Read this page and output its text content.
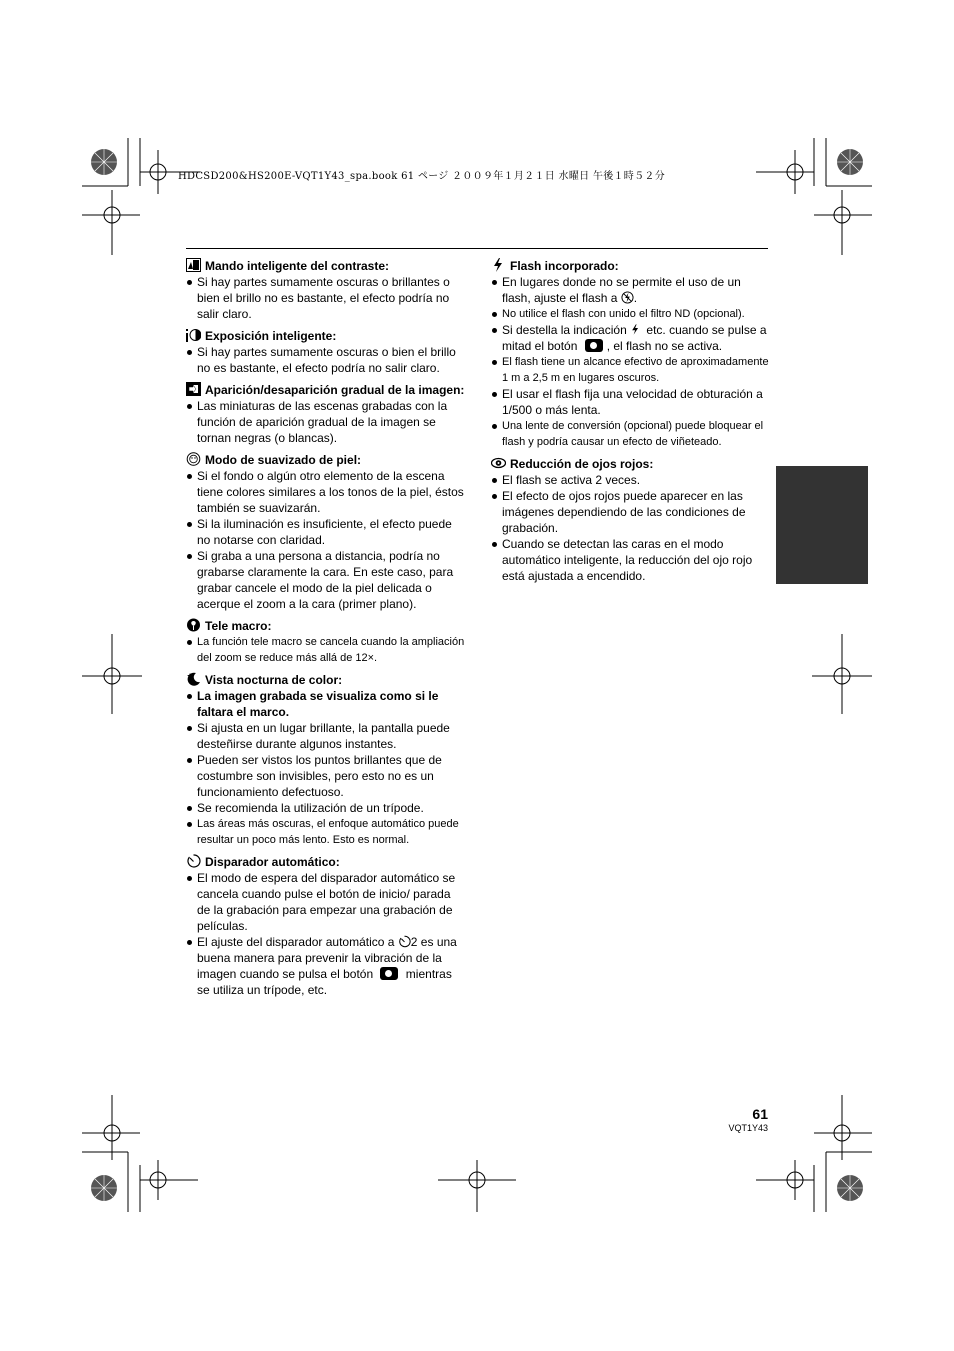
HDCSD200&HS200E-VQT1Y43_spa.book 61 ページ ２００９年１月２１日 水曜日 午後１時５２分
Mando inteligente del contraste:
Si hay partes sumamente oscuras o brillantes o bien el brillo no es bastante, el efecto podría no salir claro.
Exposición inteligente:
Si hay partes sumamente oscuras o bien el brillo no es bastante, el efecto podría no salir claro.
Aparición/desaparición gradual de la imagen:
Las miniaturas de las escenas grabadas con la función de aparición gradual de la imagen se tornan negras (o blancas).
Modo de suavizado de piel:
Si el fondo o algún otro elemento de la escena tiene colores similares a los tonos de la piel, éstos también se suavizarán.
Si la iluminación es insuficiente, el efecto puede no notarse con claridad.
Si graba a una persona a distancia, podría no grabarse claramente la cara. En este caso, para grabar cancele el modo de la piel delicada o acerque el zoom a la cara (primer plano).
Tele macro:
La función tele macro se cancela cuando la ampliación del zoom se reduce más allá de 12×.
Vista nocturna de color:
La imagen grabada se visualiza como si le faltara el marco.
Si ajusta en un lugar brillante, la pantalla puede desteñirse durante algunos instantes.
Pueden ser vistos los puntos brillantes que de costumbre son invisibles, pero esto no es un funcionamiento defectuoso.
Se recomienda la utilización de un trípode.
Las áreas más oscuras, el enfoque automático puede resultar un poco más lento. Esto es normal.
Disparador automático:
El modo de espera del disparador automático se cancela cuando pulse el botón de inicio/ parada de la grabación para empezar una grabación de películas.
El ajuste del disparador automático a 2 es una buena manera para prevenir la vibración de la imagen cuando se pulsa el botón  mientras se utiliza un trípode, etc.
Flash incorporado:
En lugares donde no se permite el uso de un flash, ajuste el flash a .
No utilice el flash con unido el filtro ND (opcional).
Si destella la indicación  etc. cuando se pulse a mitad el botón , el flash no se activa.
El flash tiene un alcance efectivo de aproximadamente 1 m a 2,5 m en lugares oscuros.
El usar el flash fija una velocidad de obturación a 1/500 o más lenta.
Una lente de conversión (opcional) puede bloquear el flash y podría causar un efecto de viñeteado.
Reducción de ojos rojos:
El flash se activa 2 veces.
El efecto de ojos rojos puede aparecer en las imágenes dependiendo de las condiciones de grabación.
Cuando se detectan las caras en el modo automático inteligente, la reducción del ojo rojo está ajustada a encendido.
61
VQT1Y43
